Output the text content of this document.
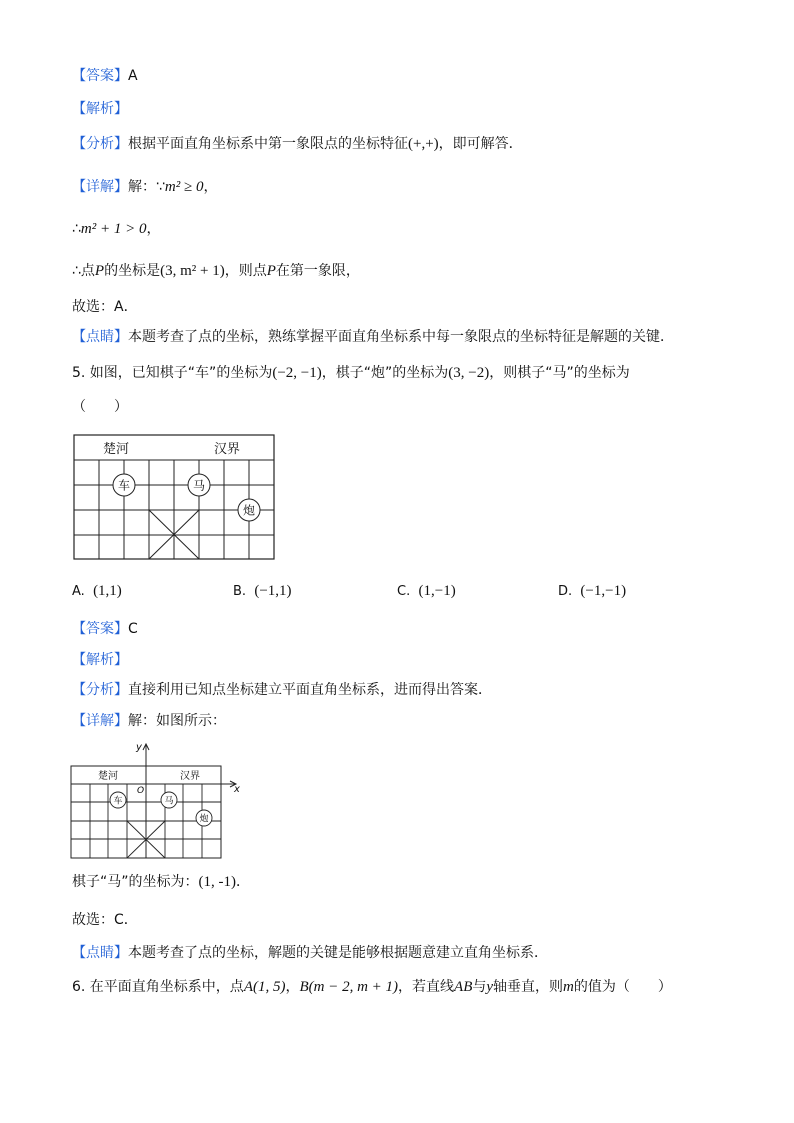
【答案】A
【解析】
【分析】根据平面直角坐标系中第一象限点的坐标特征(+,+)，即可解答．
【详解】解：∵m² ≥ 0，
∴m² + 1 > 0，
∴点P的坐标是(3, m² + 1)，则点P在第一象限，
故选：A．
【点睛】本题考查了点的坐标，熟练掌握平面直角坐标系中每一象限点的坐标特征是解题的关键．
5. 如图，已知棋子“车”的坐标为(−2, −1)，棋子“炮”的坐标为(3, −2)，则棋子“马”的坐标为
（　　）
楚河	汉界
车	马
炮
A. (1,1)	B. (−1,1)	C. (1,−1)	D. (−1,−1)
【答案】C
【解析】
【分析】直接利用已知点坐标建立平面直角坐标系，进而得出答案．
【详解】解：如图所示：
y
x
O
楚河	汉界
车	马
炮
棋子“马”的坐标为：(1, -1)．
故选：C．
【点睛】本题考查了点的坐标，解题的关键是能够根据题意建立直角坐标系．
6. 在平面直角坐标系中，点A(1, 5)，B(m − 2, m + 1)，若直线AB与y轴垂直，则m的值为（　　）
